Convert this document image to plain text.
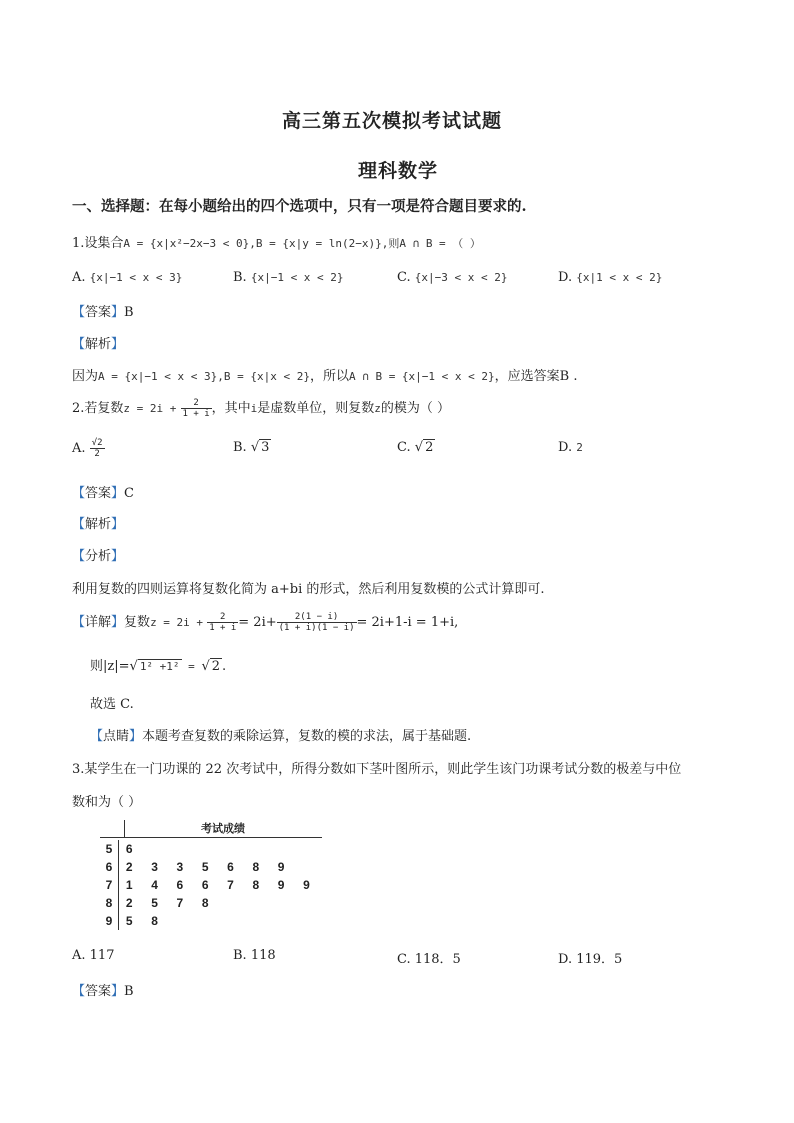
高三第五次模拟考试试题
理科数学
一、选择题：在每小题给出的四个选项中，只有一项是符合题目要求的.
1.设集合A = {x|x²−2x−3 < 0},B = {x|y = ln(2−x)},则A ∩ B = （ ）
A. {x|−1 < x < 3}	B. {x|−1 < x < 2}	C. {x|−3 < x < 2}	D. {x|1 < x < 2}
【答案】B
【解析】
因为A = {x|−1 < x < 3},B = {x|x < 2}，所以A ∩ B = {x|−1 < x < 2}，应选答案B .
2.若复数$z = 2i + \frac{2}{1 + i}$ ，其中i是虚数单位，则复数z的模为（ ）
A. $\frac{√2}{2}$	B. √ 3	C. √ 2	D. 2
【答案】C
【解析】
【分析】
利用复数的四则运算将复数化简为 a+bi 的形式，然后利用复数模的公式计算即可.
【详解】复数$z = 2i + \frac{2}{1 + i} = 2i+ \frac{2(1 - i)}{(1 + i)(1 - i)} = 2i+1-i = 1+i$,
则|z|=√ 1² +1² = √ 2 .
故选 C.
【点睛】本题考查复数的乘除运算，复数的模的求法，属于基础题.
3.某学生在一门功课的 22 次考试中，所得分数如下茎叶图所示，则此学生该门功课考试分数的极差与中位
数和为（ ）
考试成绩
5	6							
6	2	3	3	5	6	8	9	
7	1	4	6	6	7	8	9	9
8	2	5	7	8				
9	5	8						
A. 117	B. 118	C. 118．5	D. 119．5
【答案】B
